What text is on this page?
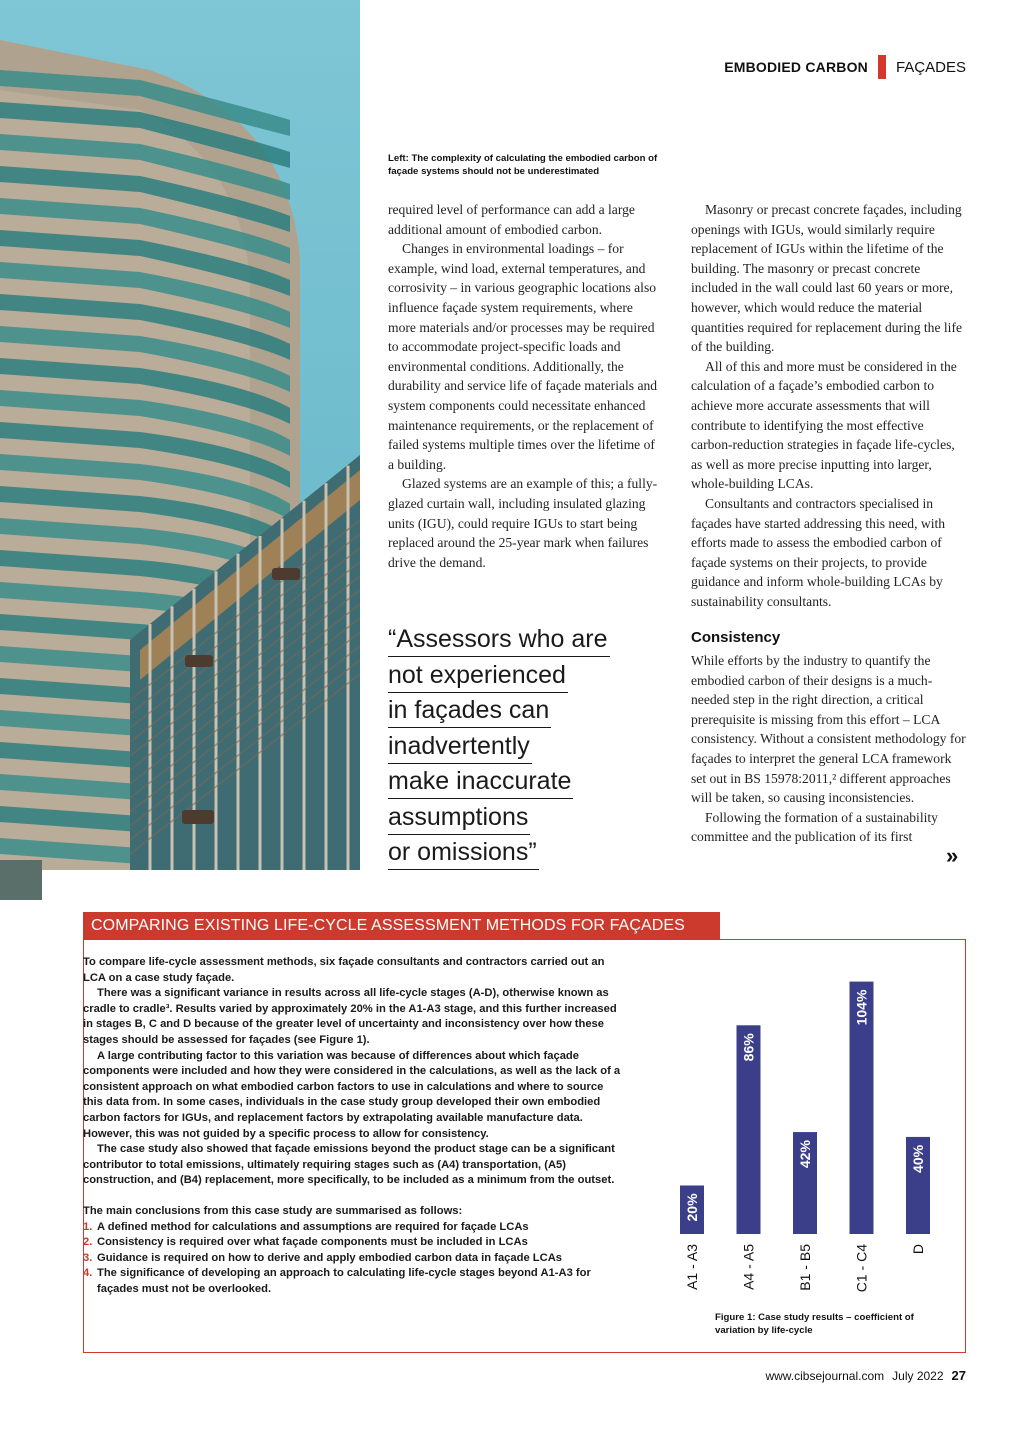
EMBODIED CARBON FAÇADES
Left: The complexity of calculating the embodied carbon of façade systems should not be underestimated

required level of performance can add a large additional amount of embodied carbon.

Changes in environmental loadings – for example, wind load, external temperatures, and corrosivity – in various geographic locations also influence façade system requirements, where more materials and/or processes may be required to accommodate project-specific loads and environmental conditions. Additionally, the durability and service life of façade materials and system components could necessitate enhanced maintenance requirements, or the replacement of failed systems multiple times over the lifetime of a building.

Glazed systems are an example of this; a fully-glazed curtain wall, including insulated glazing units (IGU), could require IGUs to start being replaced around the 25-year mark when failures drive the demand.

Masonry or precast concrete façades, including openings with IGUs, would similarly require replacement of IGUs within the lifetime of the building. The masonry or precast concrete included in the wall could last 60 years or more, however, which would reduce the material quantities required for replacement during the life of the building.

All of this and more must be considered in the calculation of a façade’s embodied carbon to achieve more accurate assessments that will contribute to identifying the most effective carbon-reduction strategies in façade life-cycles, as well as more precise inputting into larger, whole-building LCAs.

Consultants and contractors specialised in façades have started addressing this need, with efforts made to assess the embodied carbon of façade systems on their projects, to provide guidance and inform whole-building LCAs by sustainability consultants.

Consistency

While efforts by the industry to quantify the embodied carbon of their designs is a much-needed step in the right direction, a critical prerequisite is missing from this effort – LCA consistency. Without a consistent methodology for façades to interpret the general LCA framework set out in BS 15978:2011,² different approaches will be taken, so causing inconsistencies.

Following the formation of a sustainability committee and the publication of its first

»
“Assessors who are
not experienced
in façades can
inadvertently
make inaccurate
assumptions
or omissions”
COMPARING EXISTING LIFE-CYCLE ASSESSMENT METHODS FOR FAÇADES

To compare life-cycle assessment methods, six façade consultants and contractors carried out an LCA on a case study façade.

There was a significant variance in results across all life-cycle stages (A-D), otherwise known as cradle to cradle³. Results varied by approximately 20% in the A1-A3 stage, and this further increased in stages B, C and D because of the greater level of uncertainty and inconsistency over how these stages should be assessed for façades (see Figure 1).

A large contributing factor to this variation was because of differences about which façade components were included and how they were considered in the calculations, as well as the lack of a consistent approach on what embodied carbon factors to use in calculations and where to source this data from. In some cases, individuals in the case study group developed their own embodied carbon factors for IGUs, and replacement factors by extrapolating available manufacture data. However, this was not guided by a specific process to allow for consistency.

The case study also showed that façade emissions beyond the product stage can be a significant contributor to total emissions, ultimately requiring stages such as (A4) transportation, (A5) construction, and (B4) replacement, more specifically, to be included as a minimum from the outset.

The main conclusions from this case study are summarised as follows:

1. A defined method for calculations and assumptions are required for façade LCAs
2. Consistency is required over what façade components must be included in LCAs
3. Guidance is required on how to derive and apply embodied carbon data in façade LCAs
4. The significance of developing an approach to calculating life-cycle stages beyond A1-A3 for façades must not be overlooked.
20%
86%
42%
104%
40%
A1 - A3	A4 - A5	B1 - B5	C1 - C4	D
Figure 1: Case study results – coefficient of variation by life-cycle
www.cibsejournal.com July 2022 27
